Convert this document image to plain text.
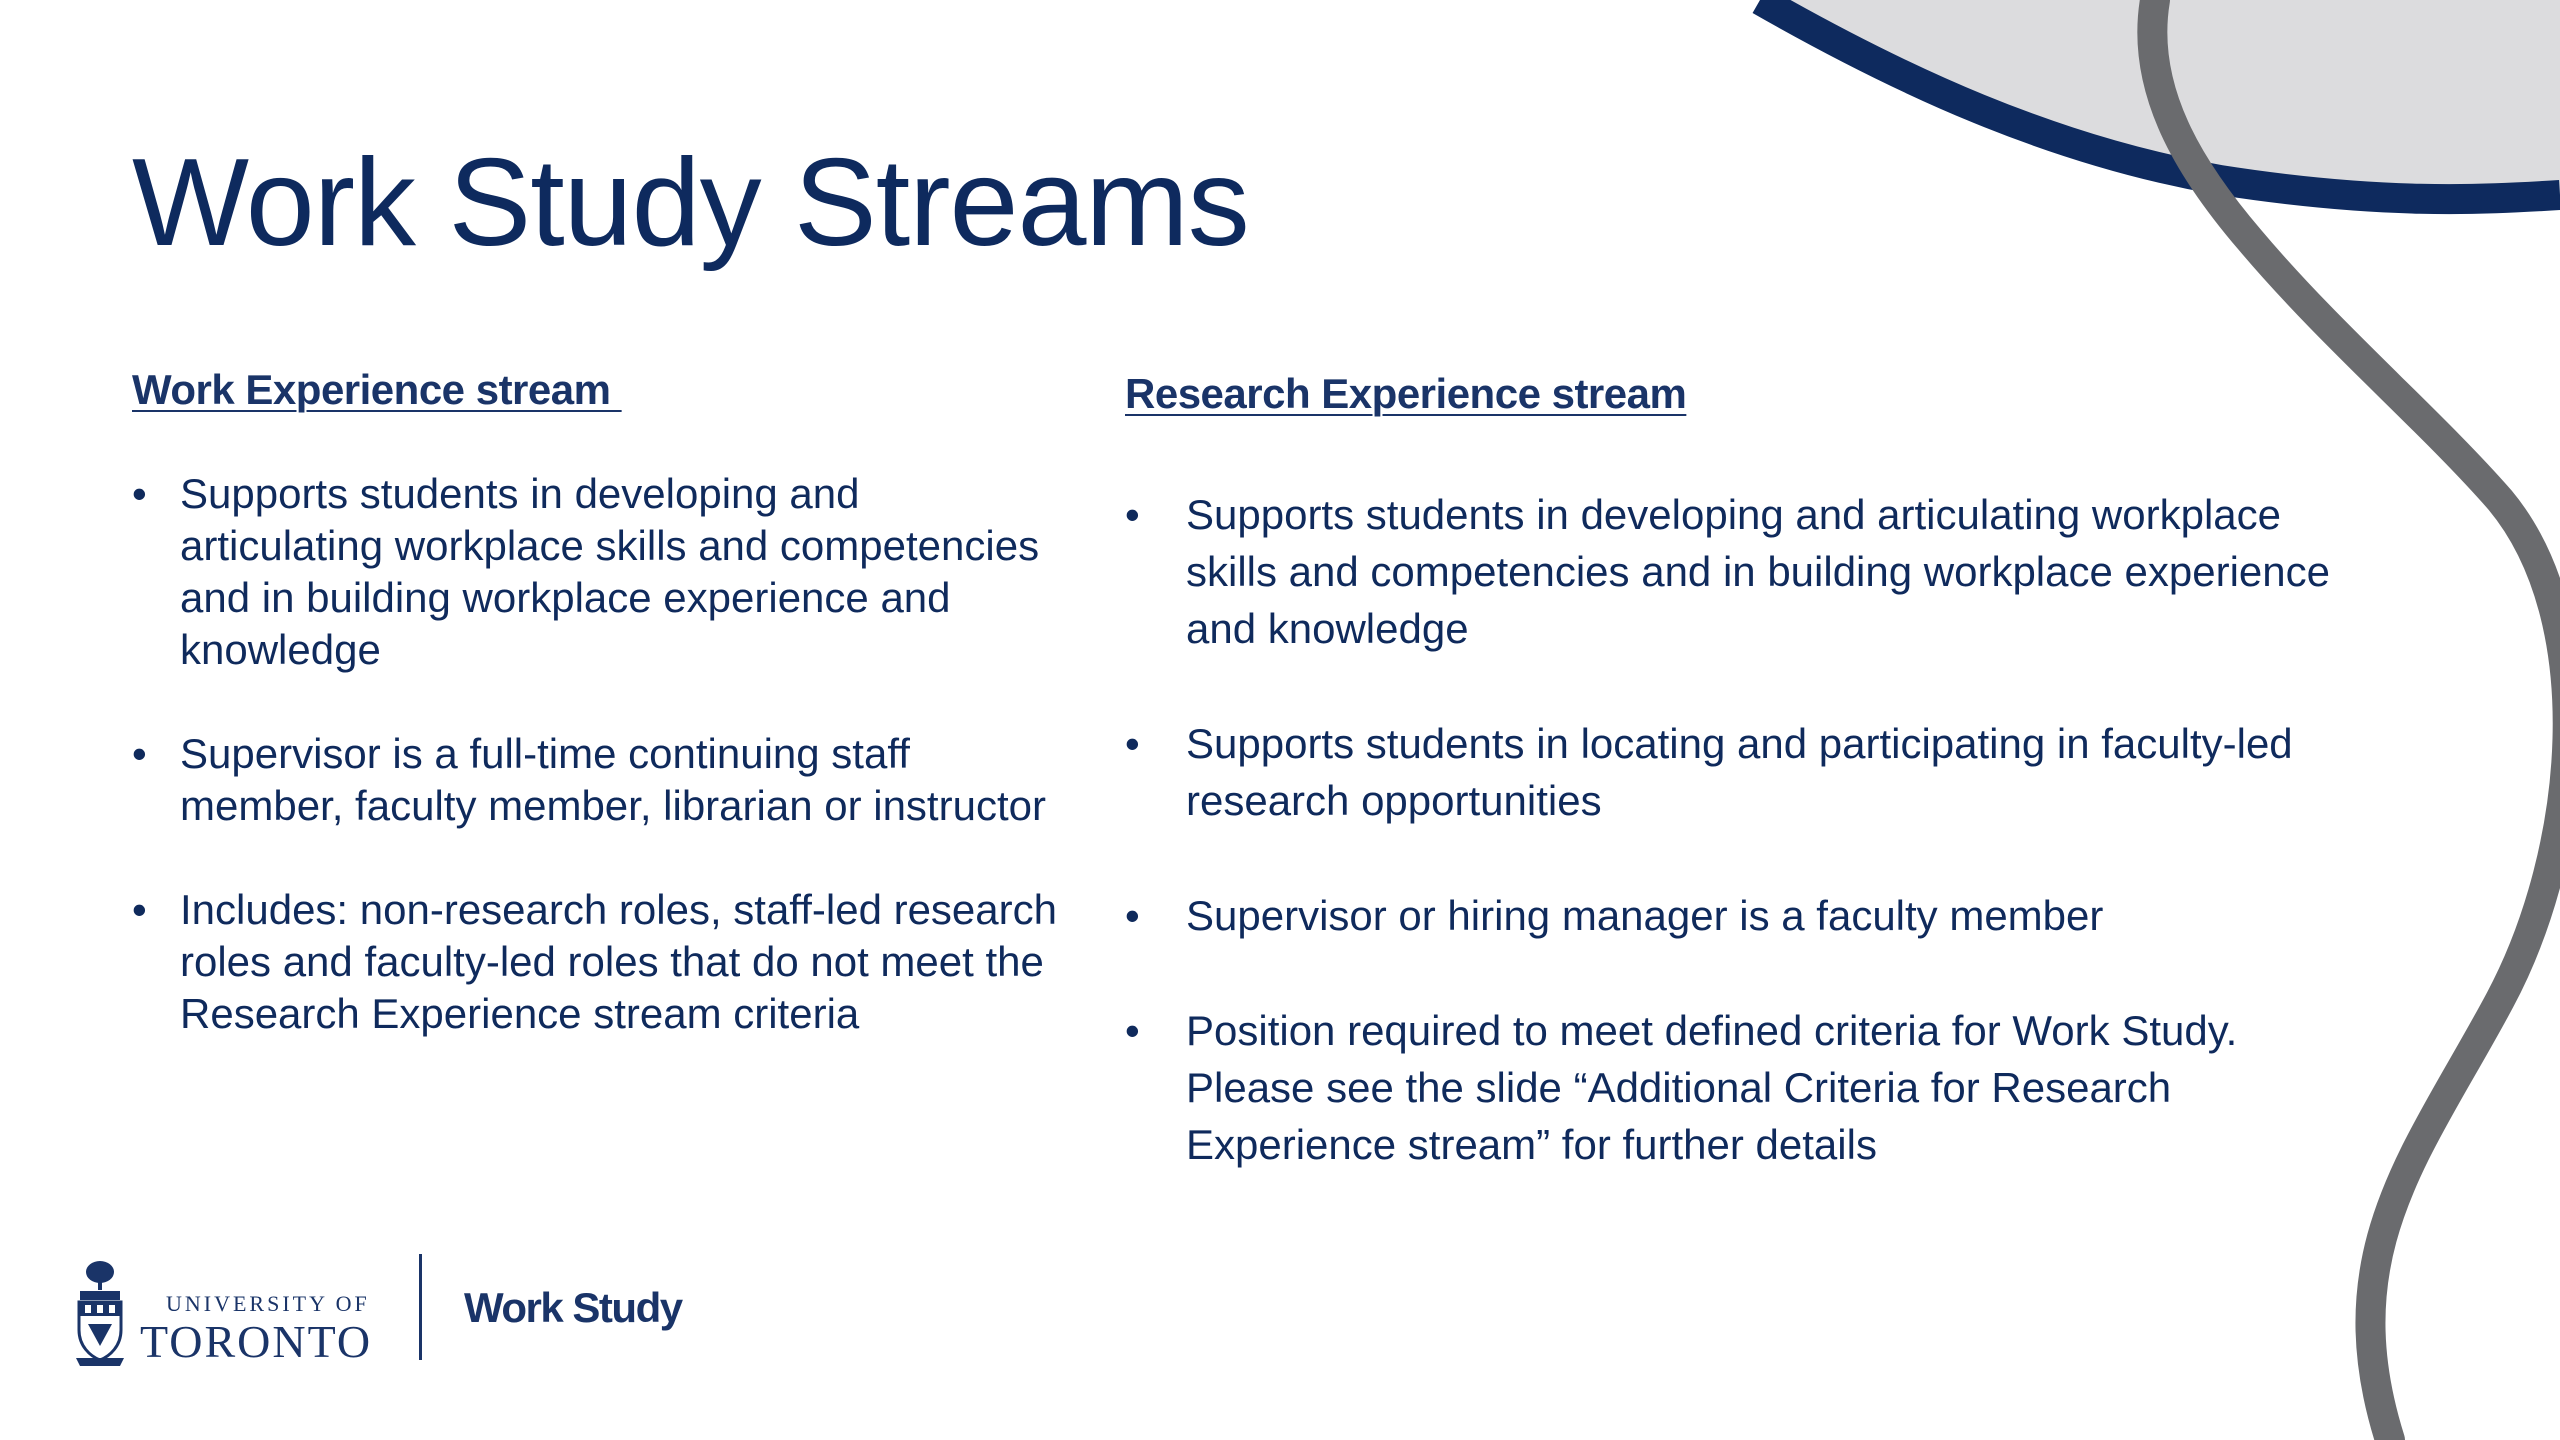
Work Study Streams

Work Experience stream

• Supports students in developing and articulating workplace skills and competencies and in building workplace experience and knowledge
• Supervisor is a full-time continuing staff member, faculty member, librarian or instructor
• Includes: non-research roles, staff-led research roles and faculty-led roles that do not meet the Research Experience stream criteria

Research Experience stream

• Supports students in developing and articulating workplace skills and competencies and in building workplace experience and knowledge
• Supports students in locating and participating in faculty-led research opportunities
• Supervisor or hiring manager is a faculty member
• Position required to meet defined criteria for Work Study. Please see the slide “Additional Criteria for Research Experience stream” for further details
UNIVERSITY OF
TORONTO
Work Study
